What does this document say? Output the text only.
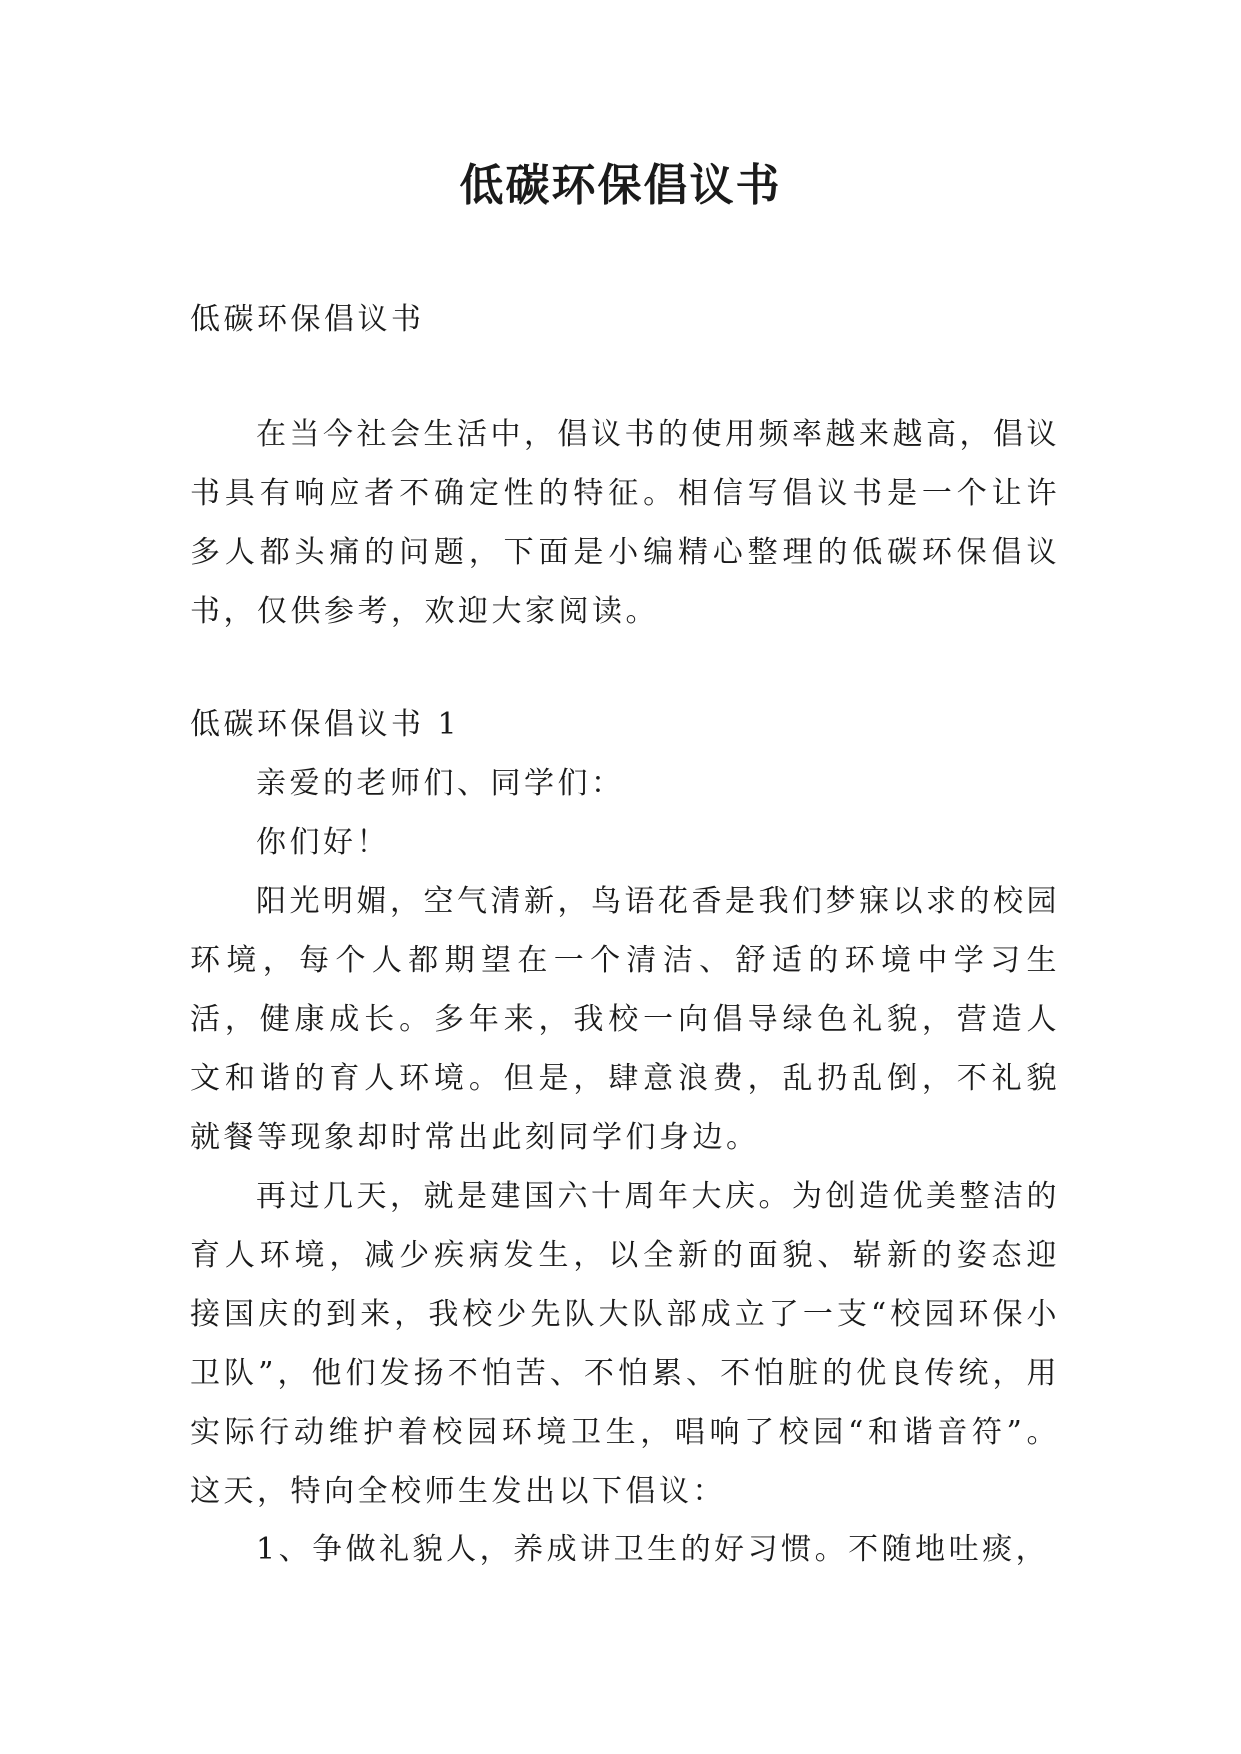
低碳环保倡议书

低碳环保倡议书

在当今社会生活中，倡议书的使用频率越来越高，倡议书具有响应者不确定性的特征。相信写倡议书是一个让许多人都头痛的问题，下面是小编精心整理的低碳环保倡议书，仅供参考，欢迎大家阅读。

低碳环保倡议书 1

亲爱的老师们、同学们：

你们好！

阳光明媚，空气清新，鸟语花香是我们梦寐以求的校园环境，每个人都期望在一个清洁、舒适的环境中学习生活，健康成长。多年来，我校一向倡导绿色礼貌，营造人文和谐的育人环境。但是，肆意浪费，乱扔乱倒，不礼貌就餐等现象却时常出此刻同学们身边。

再过几天，就是建国六十周年大庆。为创造优美整洁的育人环境，减少疾病发生，以全新的面貌、崭新的姿态迎接国庆的到来，我校少先队大队部成立了一支“校园环保小卫队”，他们发扬不怕苦、不怕累、不怕脏的优良传统，用实际行动维护着校园环境卫生，唱响了校园“和谐音符”。这天，特向全校师生发出以下倡议：

1、争做礼貌人，养成讲卫生的好习惯。不随地吐痰，
